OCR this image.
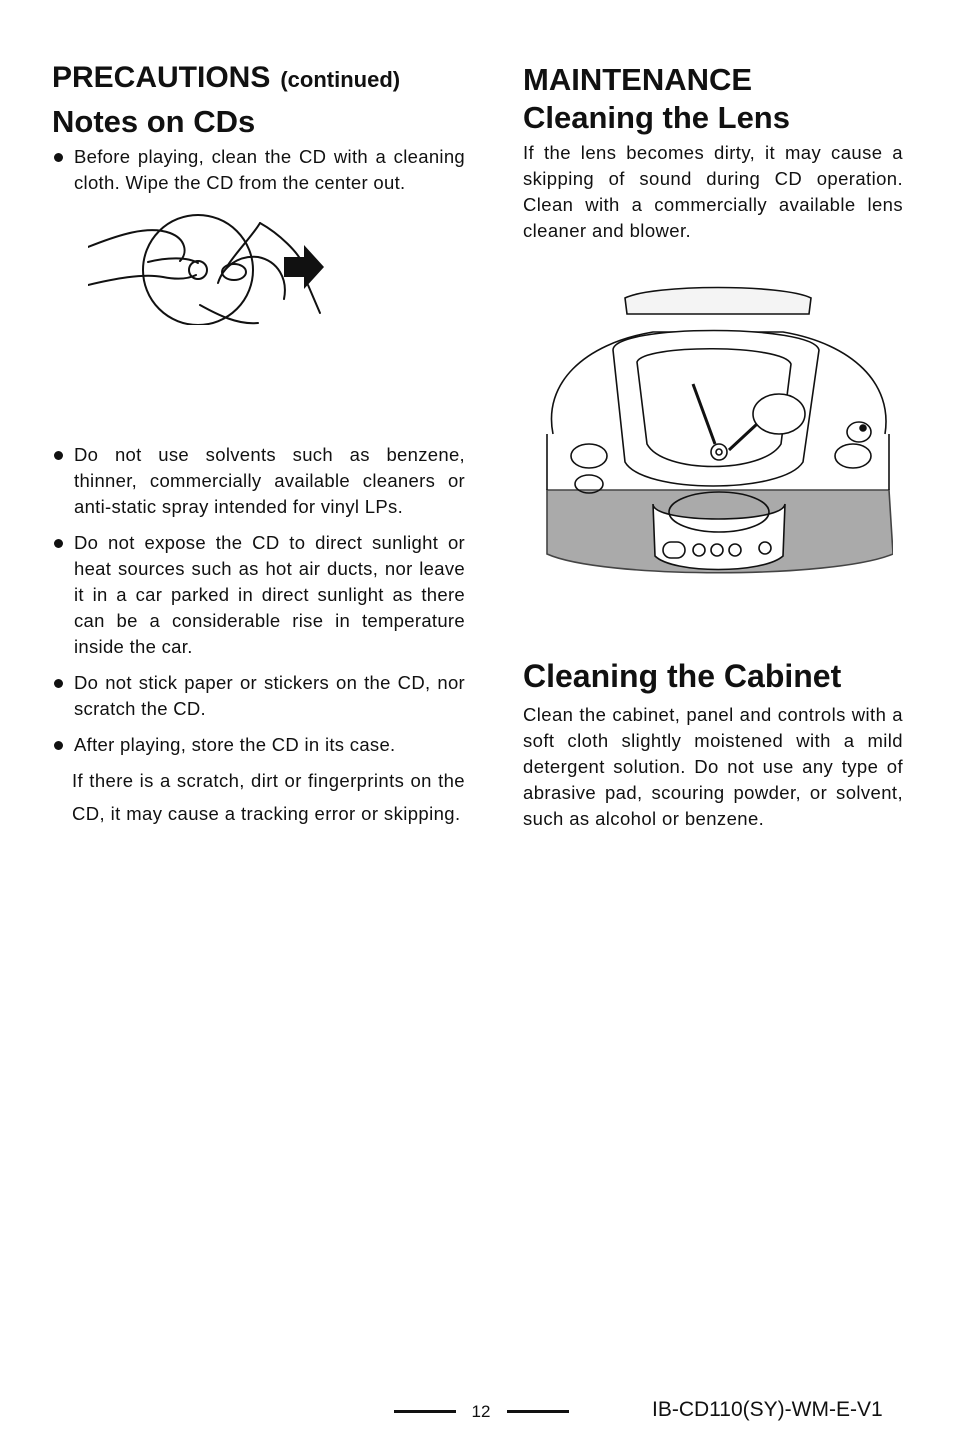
PRECAUTIONS (continued)
Notes on CDs
Before playing, clean the CD with a cleaning cloth. Wipe the CD from the center out.
Do not use solvents such as benzene, thinner, commercially available cleaners or anti-static spray intended for vinyl LPs.
Do not expose the CD to direct sunlight or heat sources such as hot air ducts, nor leave it in a car parked in direct sunlight as there can be a considerable rise in temperature inside the car.
Do not stick paper or stickers on the CD, nor scratch the CD.
After playing, store the CD in its case.

If there is a scratch, dirt or fingerprints on the CD, it may cause a tracking error or skipping.

MAINTENANCE
Cleaning the Lens

If the lens becomes dirty, it may cause a skipping of sound during CD operation. Clean with a commercially available lens cleaner and blower.

Cleaning the Cabinet

Clean the cabinet, panel and controls with a soft cloth slightly moistened with a mild detergent solution. Do not use any type of abrasive pad, scouring powder, or solvent, such as alcohol or benzene.

12	IB-CD110(SY)-WM-E-V1
